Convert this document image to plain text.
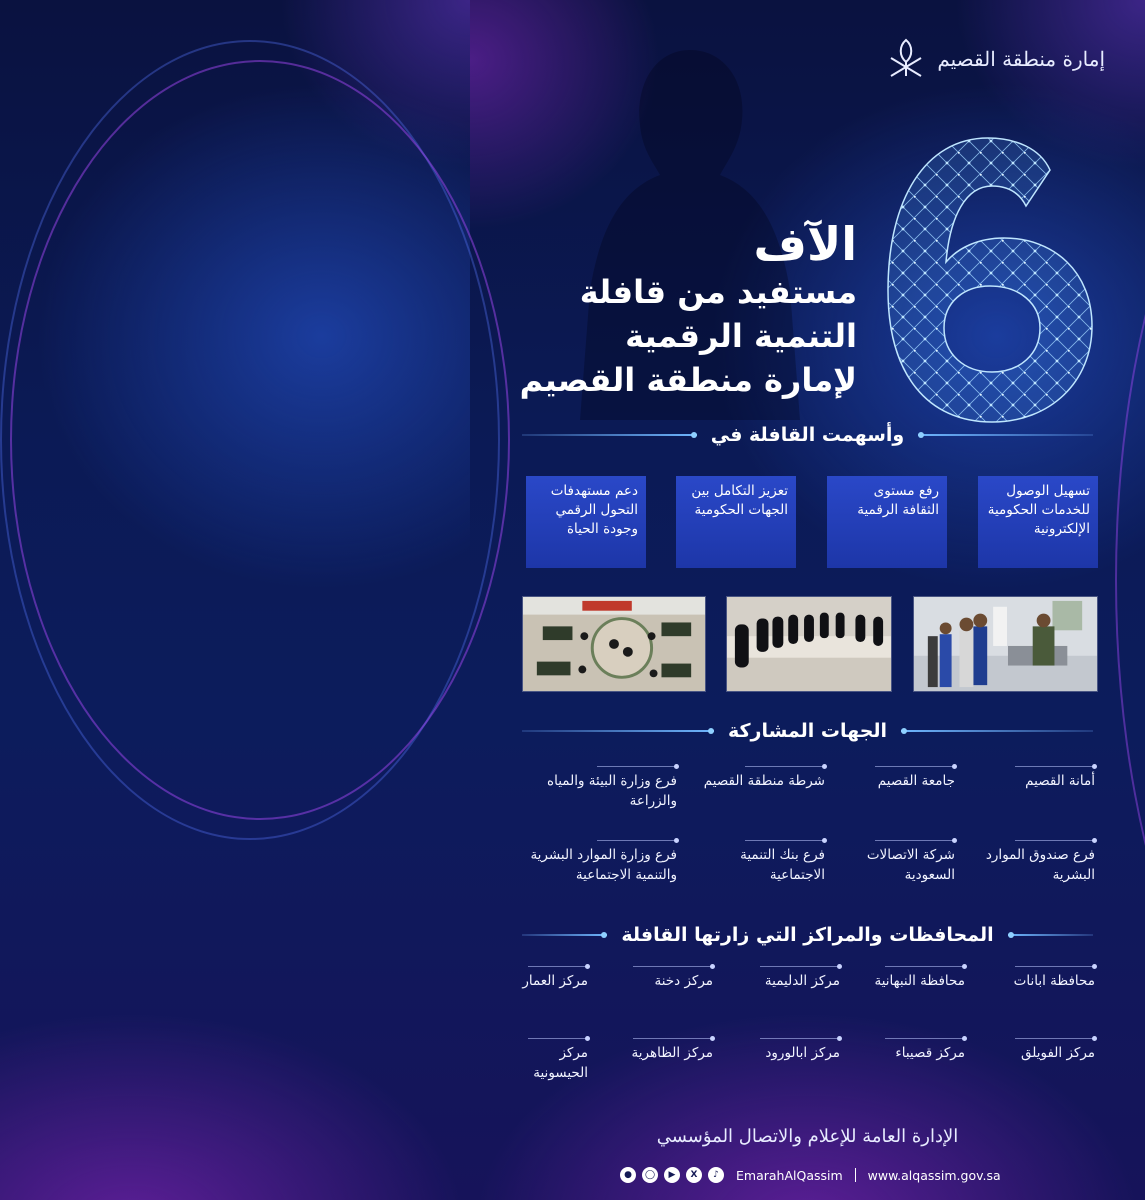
إمارة منطقة القصيم
6
الآف
مستفيد من قافلة
التنمية الرقمية
لإمارة منطقة القصيم
وأسهمت القافلة في
تسهيل الوصول للخدمات الحكومية الإلكترونية
رفع مستوى الثقافة الرقمية
تعزيز التكامل بين الجهات الحكومية
دعم مستهدفات التحول الرقمي وجودة الحياة
الجهات المشاركة
أمانة القصيم
جامعة القصيم
شرطة منطقة القصيم
فرع وزارة البيئة والمياه والزراعة
فرع صندوق الموارد البشرية
شركة الاتصالات السعودية
فرع بنك التنمية الاجتماعية
فرع وزارة الموارد البشرية والتنمية الاجتماعية
المحافظات والمراكز التي زارتها القافلة
محافظة ابانات
محافظة النبهانية
مركز الدليمية
مركز دخنة
مركز العمار
مركز الفويلق
مركز قصيباء
مركز ابالورود
مركز الظاهرية
مركز الحيسونية
الإدارة العامة للإعلام والاتصال المؤسسي
●	◯	▶	X	♪	EmarahAlQassim www.alqassim.gov.sa
